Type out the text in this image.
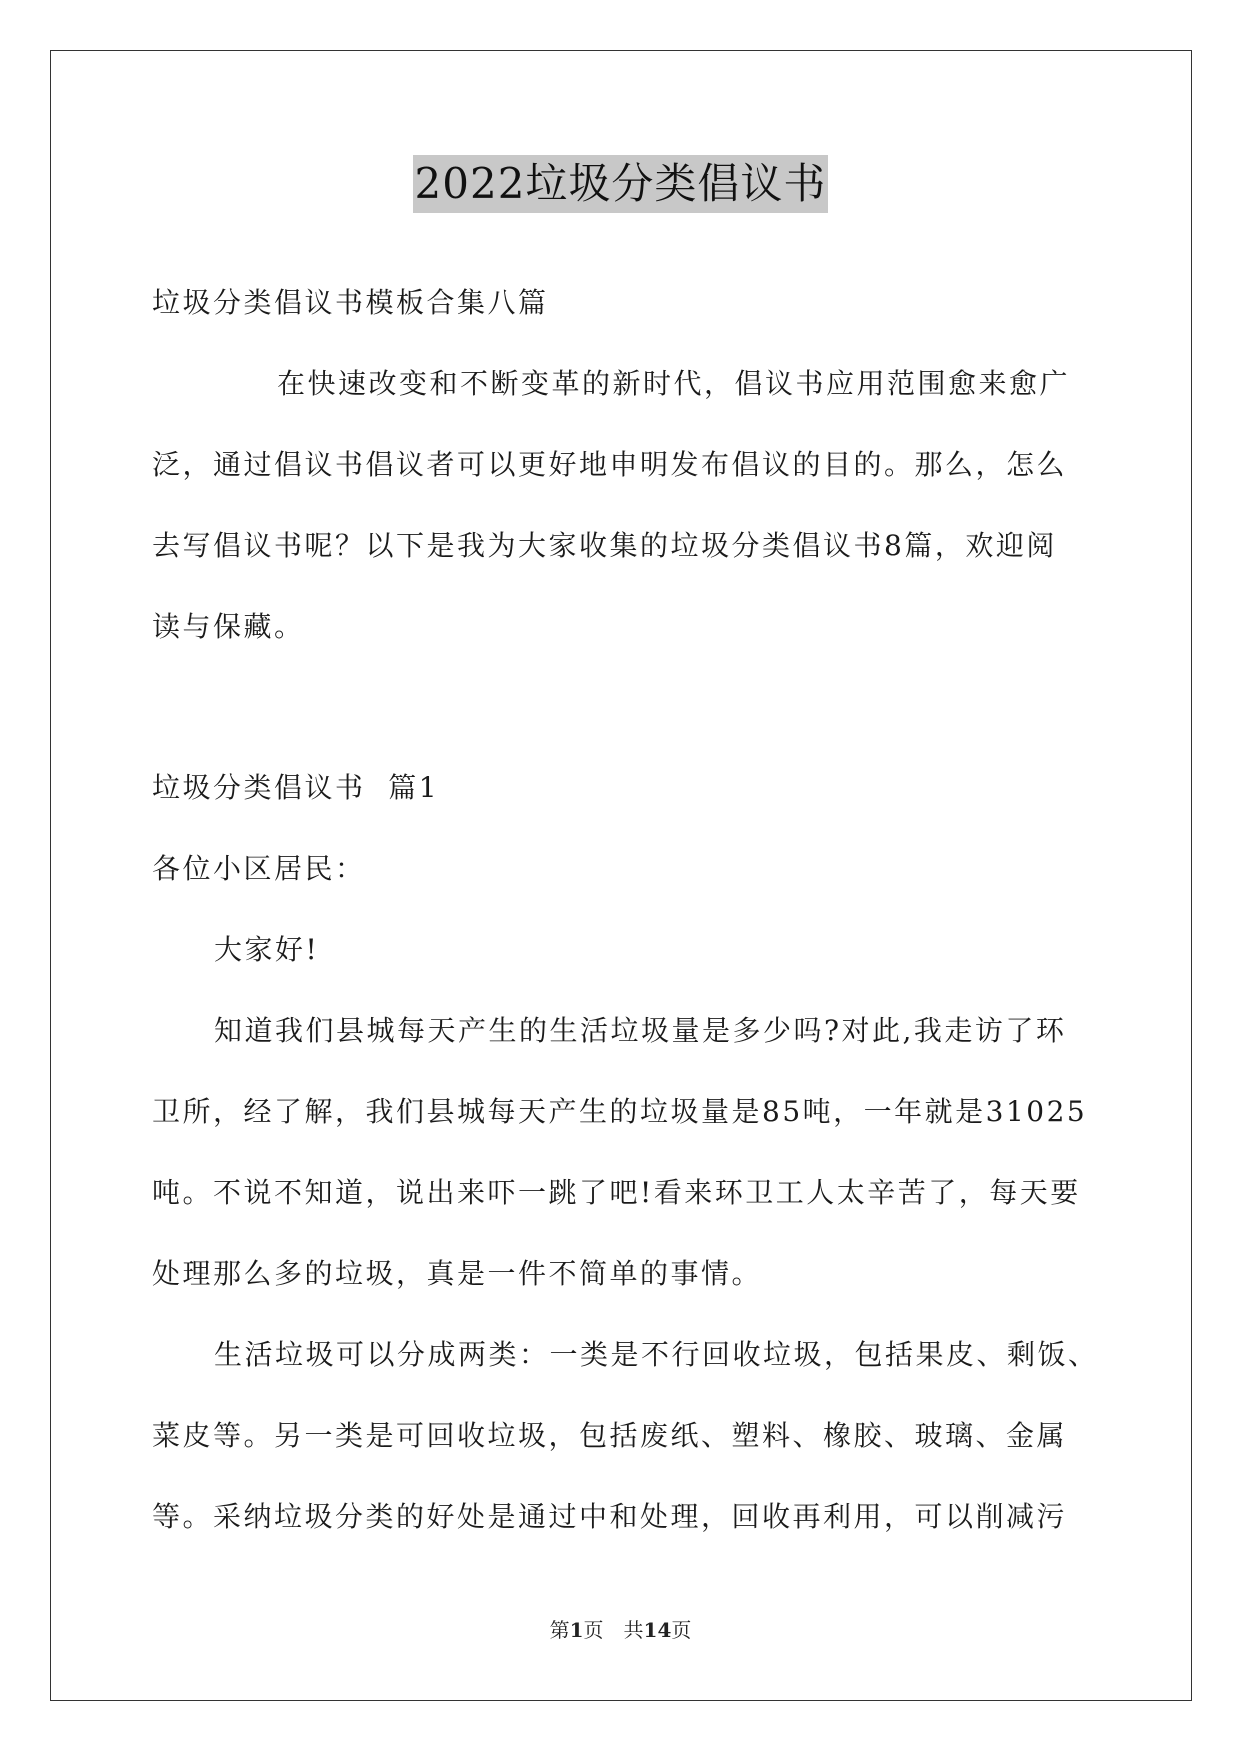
2022垃圾分类倡议书
垃圾分类倡议书模板合集八篇
在快速改变和不断变革的新时代，倡议书应用范围愈来愈广
泛，通过倡议书倡议者可以更好地申明发布倡议的目的。那么，怎么
去写倡议书呢？以下是我为大家收集的垃圾分类倡议书8篇，欢迎阅
读与保藏。
垃圾分类倡议书  篇1
各位小区居民：
大家好!
知道我们县城每天产生的生活垃圾量是多少吗?对此,我走访了环
卫所，经了解，我们县城每天产生的垃圾量是85吨，一年就是31025
吨。不说不知道，说出来吓一跳了吧!看来环卫工人太辛苦了，每天要
处理那么多的垃圾，真是一件不简单的事情。
生活垃圾可以分成两类：一类是不行回收垃圾，包括果皮、剩饭、
菜皮等。另一类是可回收垃圾，包括废纸、塑料、橡胶、玻璃、金属
等。采纳垃圾分类的好处是通过中和处理，回收再利用，可以削减污
第1页 共14页
